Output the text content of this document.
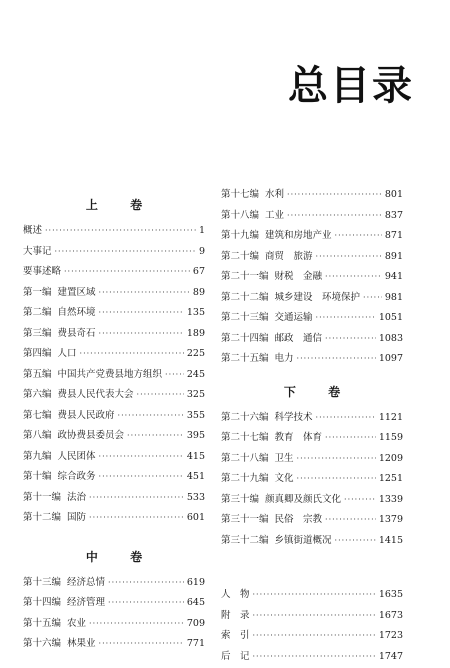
总目录
上 卷
概述 ·····	1
大事记 ·····	9
要事述略 ·····	67
第一编 建置区域 ·····	89
第二编 自然环境 ·····	135
第三编 费县奇石 ·····	189
第四编 人口 ·····	225
第五编 中国共产党费县地方组织 ·····	245
第六编 费县人民代表大会 ·····	325
第七编 费县人民政府 ·····	355
第八编 政协费县委员会 ·····	395
第九编 人民团体 ·····	415
第十编 综合政务 ·····	451
第十一编 法治 ·····	533
第十二编 国防 ·····	601
中 卷
第十三编 经济总情 ·····	619
第十四编 经济管理 ·····	645
第十五编 农业 ·····	709
第十六编 林果业 ·····	771
第十七编 水利 ·····	801
第十八编 工业 ·····	837
第十九编 建筑和房地产业 ·····	871
第二十编 商贸　旅游 ·····	891
第二十一编 财税　金融 ·····	941
第二十二编 城乡建设　环境保护 ·····	981
第二十三编 交通运输 ·····	1051
第二十四编 邮政　通信 ·····	1083
第二十五编 电力 ·····	1097
下 卷
第二十六编 科学技术 ·····	1121
第二十七编 教育　体育 ·····	1159
第二十八编 卫生 ·····	1209
第二十九编 文化 ·····	1251
第三十编 颜真卿及颜氏文化 ·····	1339
第三十一编 民俗　宗教 ·····	1379
第三十二编 乡镇街道概况 ·····	1415
人　物 ·····	1635
附　录 ·····	1673
索　引 ·····	1723
后　记 ·····	1747
